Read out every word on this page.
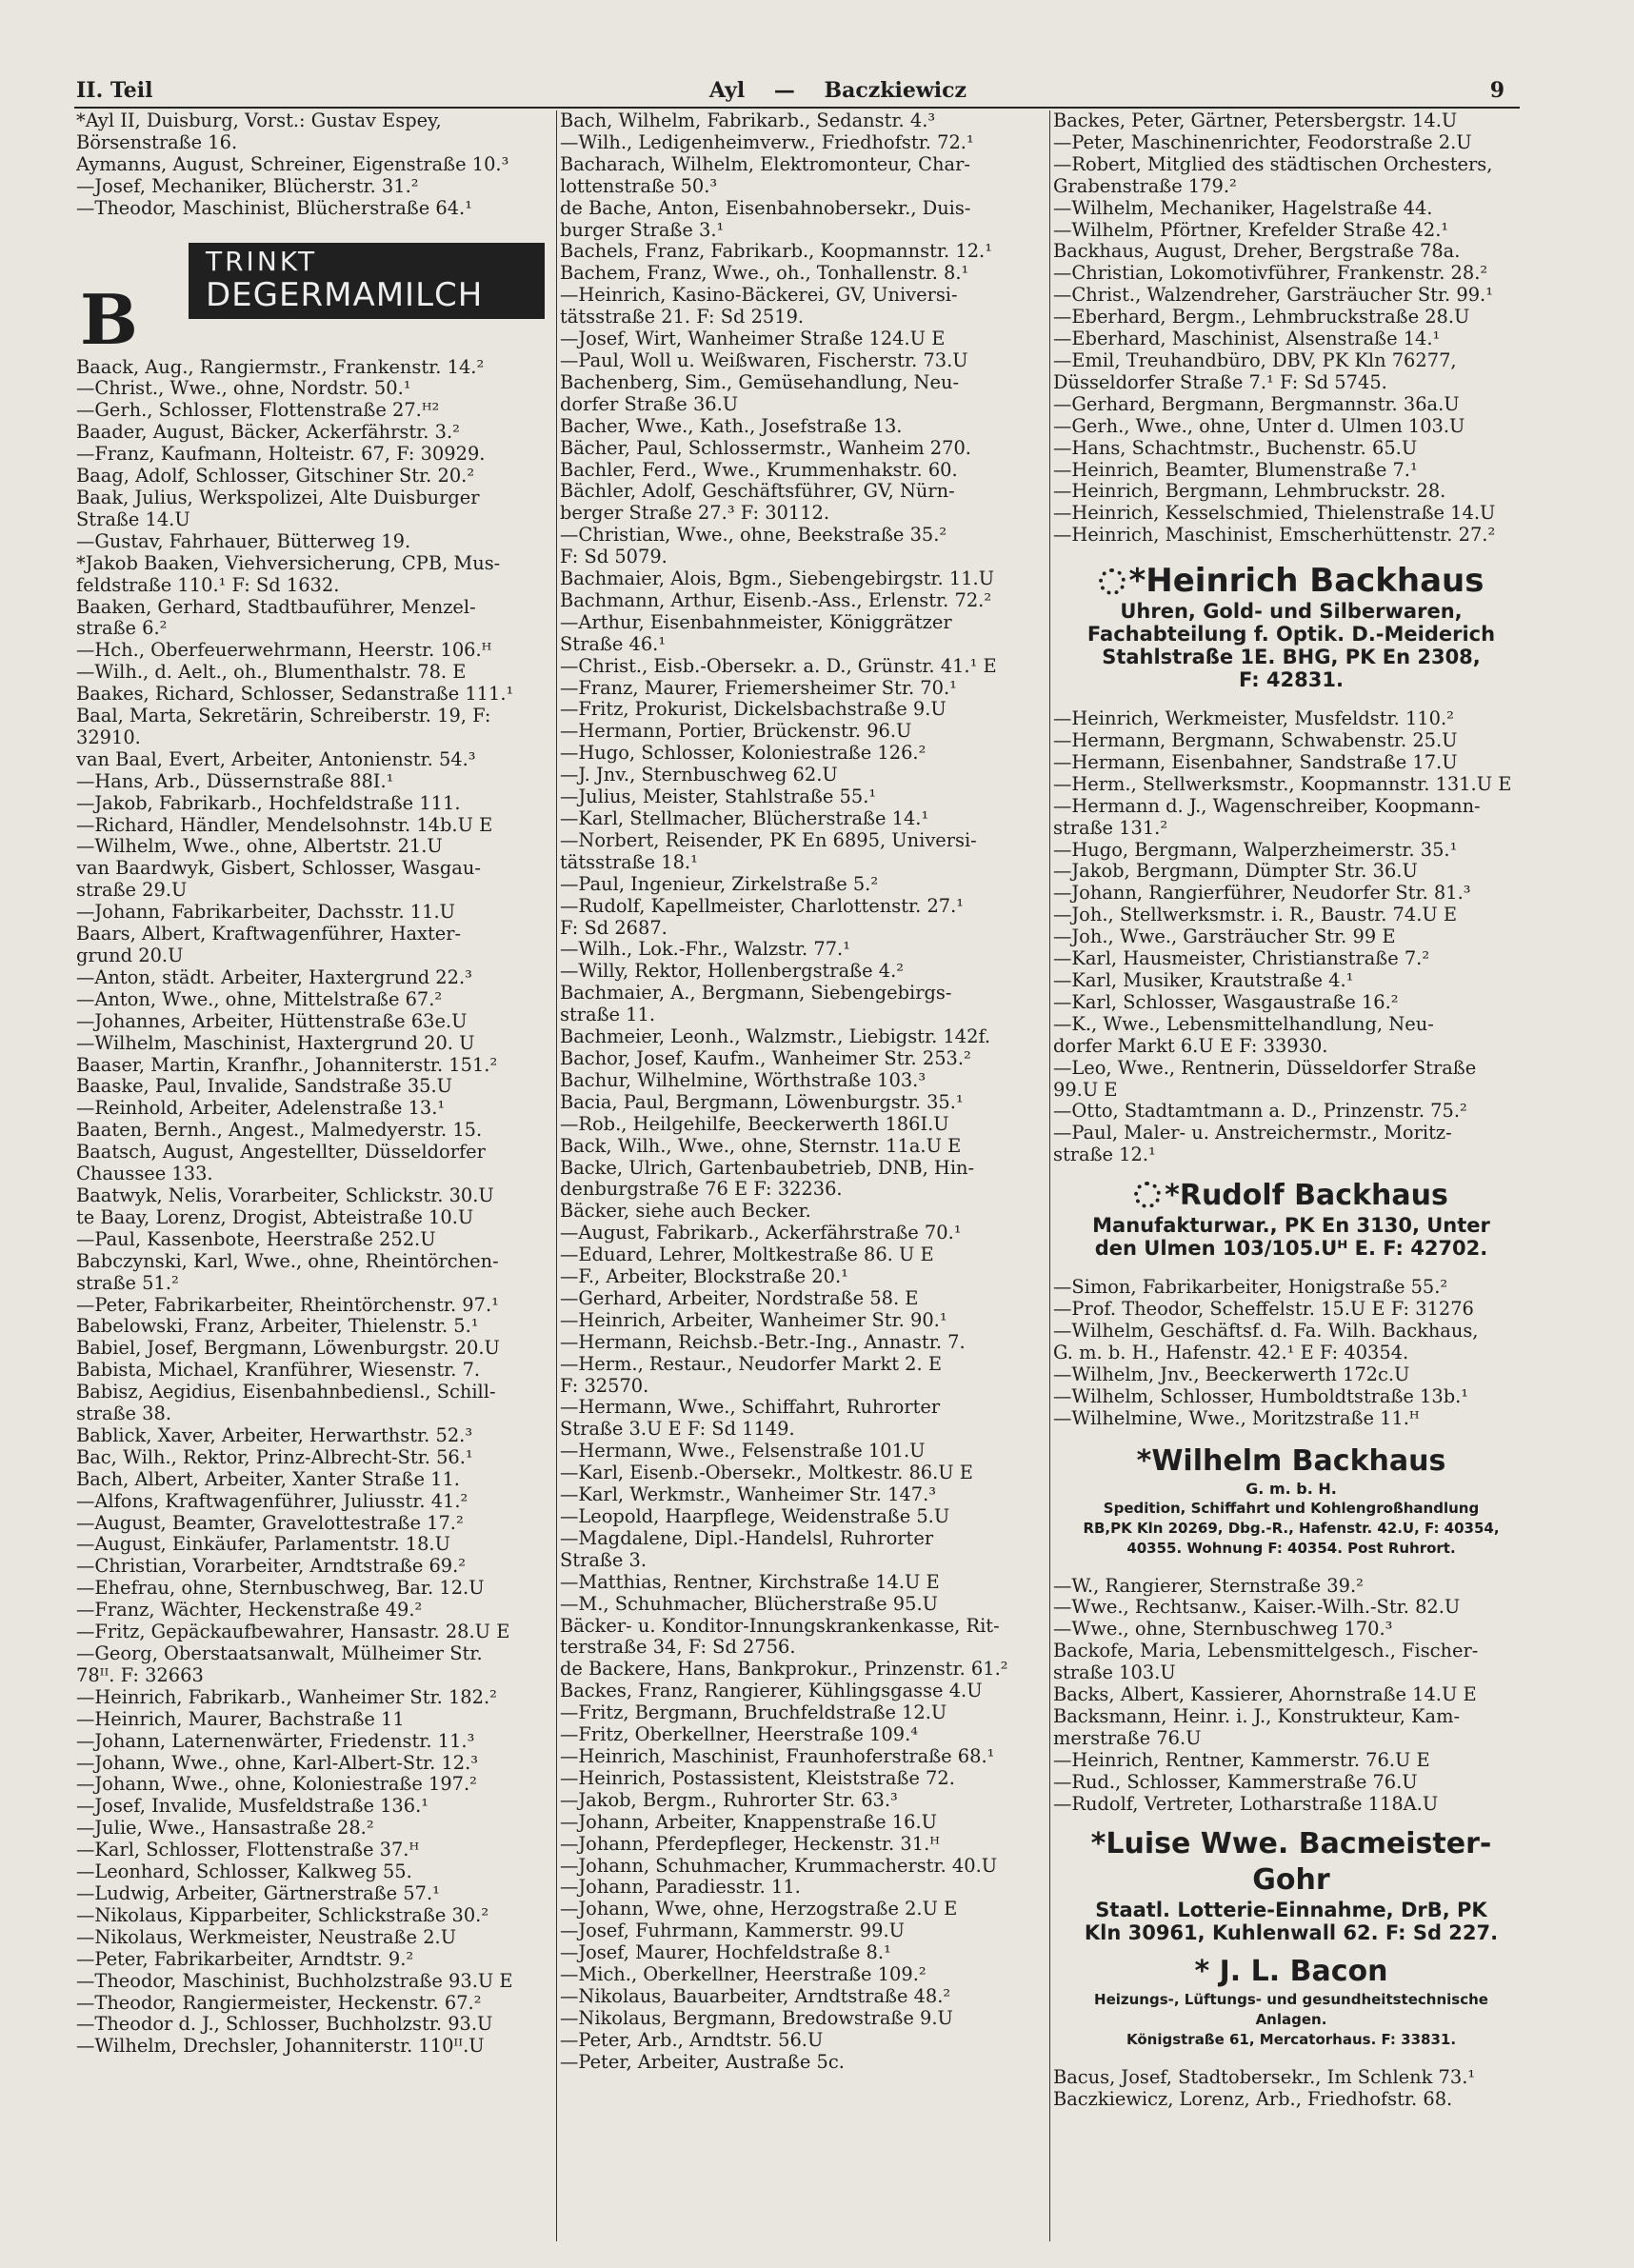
II. Teil	Ayl — Baczkiewicz	9
*Ayl II, Duisburg, Vorst.: Gustav Espey,
Börsenstraße 16.
Aymanns, August, Schreiner, Eigenstraße 10.³
—Josef, Mechaniker, Blücherstr. 31.²
—Theodor, Maschinist, Blücherstraße 64.¹
TRINKT
DEGERMAMILCH
B
Baack, Aug., Rangiermstr., Frankenstr. 14.²
—Christ., Wwe., ohne, Nordstr. 50.¹
—Gerh., Schlosser, Flottenstraße 27.ᴴ²
Baader, August, Bäcker, Ackerfährstr. 3.²
—Franz, Kaufmann, Holteistr. 67, F: 30929.
Baag, Adolf, Schlosser, Gitschiner Str. 20.²
Baak, Julius, Werkspolizei, Alte Duisburger
Straße 14.U
—Gustav, Fahrhauer, Bütterweg 19.
*Jakob Baaken, Viehversicherung, CPB, Mus-
feldstraße 110.¹ F: Sd 1632.
Baaken, Gerhard, Stadtbauführer, Menzel-
straße 6.²
—Hch., Oberfeuerwehrmann, Heerstr. 106.ᴴ
—Wilh., d. Aelt., oh., Blumenthalstr. 78. E
Baakes, Richard, Schlosser, Sedanstraße 111.¹
Baal, Marta, Sekretärin, Schreiberstr. 19, F:
32910.
van Baal, Evert, Arbeiter, Antonienstr. 54.³
—Hans, Arb., Düssernstraße 88I.¹
—Jakob, Fabrikarb., Hochfeldstraße 111.
—Richard, Händler, Mendelsohnstr. 14b.U E
—Wilhelm, Wwe., ohne, Albertstr. 21.U
van Baardwyk, Gisbert, Schlosser, Wasgau-
straße 29.U
—Johann, Fabrikarbeiter, Dachsstr. 11.U
Baars, Albert, Kraftwagenführer, Haxter-
grund 20.U
—Anton, städt. Arbeiter, Haxtergrund 22.³
—Anton, Wwe., ohne, Mittelstraße 67.²
—Johannes, Arbeiter, Hüttenstraße 63e.U
—Wilhelm, Maschinist, Haxtergrund 20. U
Baaser, Martin, Kranfhr., Johanniterstr. 151.²
Baaske, Paul, Invalide, Sandstraße 35.U
—Reinhold, Arbeiter, Adelenstraße 13.¹
Baaten, Bernh., Angest., Malmedyerstr. 15.
Baatsch, August, Angestellter, Düsseldorfer
Chaussee 133.
Baatwyk, Nelis, Vorarbeiter, Schlickstr. 30.U
te Baay, Lorenz, Drogist, Abteistraße 10.U
—Paul, Kassenbote, Heerstraße 252.U
Babczynski, Karl, Wwe., ohne, Rheintörchen-
straße 51.²
—Peter, Fabrikarbeiter, Rheintörchenstr. 97.¹
Babelowski, Franz, Arbeiter, Thielenstr. 5.¹
Babiel, Josef, Bergmann, Löwenburgstr. 20.U
Babista, Michael, Kranführer, Wiesenstr. 7.
Babisz, Aegidius, Eisenbahnbediensl., Schill-
straße 38.
Bablick, Xaver, Arbeiter, Herwarthstr. 52.³
Bac, Wilh., Rektor, Prinz-Albrecht-Str. 56.¹
Bach, Albert, Arbeiter, Xanter Straße 11.
—Alfons, Kraftwagenführer, Juliusstr. 41.²
—August, Beamter, Gravelottestraße 17.²
—August, Einkäufer, Parlamentstr. 18.U
—Christian, Vorarbeiter, Arndtstraße 69.²
—Ehefrau, ohne, Sternbuschweg, Bar. 12.U
—Franz, Wächter, Heckenstraße 49.²
—Fritz, Gepäckaufbewahrer, Hansastr. 28.U E
—Georg, Oberstaatsanwalt, Mülheimer Str.
78ᴵᴵ. F: 32663
—Heinrich, Fabrikarb., Wanheimer Str. 182.²
—Heinrich, Maurer, Bachstraße 11
—Johann, Laternenwärter, Friedenstr. 11.³
—Johann, Wwe., ohne, Karl-Albert-Str. 12.³
—Johann, Wwe., ohne, Koloniestraße 197.²
—Josef, Invalide, Musfeldstraße 136.¹
—Julie, Wwe., Hansastraße 28.²
—Karl, Schlosser, Flottenstraße 37.ᴴ
—Leonhard, Schlosser, Kalkweg 55.
—Ludwig, Arbeiter, Gärtnerstraße 57.¹
—Nikolaus, Kipparbeiter, Schlickstraße 30.²
—Nikolaus, Werkmeister, Neustraße 2.U
—Peter, Fabrikarbeiter, Arndtstr. 9.²
—Theodor, Maschinist, Buchholzstraße 93.U E
—Theodor, Rangiermeister, Heckenstr. 67.²
—Theodor d. J., Schlosser, Buchholzstr. 93.U
—Wilhelm, Drechsler, Johanniterstr. 110ᴵᴵ.U
Bach, Wilhelm, Fabrikarb., Sedanstr. 4.³
—Wilh., Ledigenheimverw., Friedhofstr. 72.¹
Bacharach, Wilhelm, Elektromonteur, Char-
lottenstraße 50.³
de Bache, Anton, Eisenbahnobersekr., Duis-
burger Straße 3.¹
Bachels, Franz, Fabrikarb., Koopmannstr. 12.¹
Bachem, Franz, Wwe., oh., Tonhallenstr. 8.¹
—Heinrich, Kasino-Bäckerei, GV, Universi-
tätsstraße 21. F: Sd 2519.
—Josef, Wirt, Wanheimer Straße 124.U E
—Paul, Woll u. Weißwaren, Fischerstr. 73.U
Bachenberg, Sim., Gemüsehandlung, Neu-
dorfer Straße 36.U
Bacher, Wwe., Kath., Josefstraße 13.
Bächer, Paul, Schlossermstr., Wanheim 270.
Bachler, Ferd., Wwe., Krummenhakstr. 60.
Bächler, Adolf, Geschäftsführer, GV, Nürn-
berger Straße 27.³ F: 30112.
—Christian, Wwe., ohne, Beekstraße 35.²
F: Sd 5079.
Bachmaier, Alois, Bgm., Siebengebirgstr. 11.U
Bachmann, Arthur, Eisenb.-Ass., Erlenstr. 72.²
—Arthur, Eisenbahnmeister, Königgrätzer
Straße 46.¹
—Christ., Eisb.-Obersekr. a. D., Grünstr. 41.¹ E
—Franz, Maurer, Friemersheimer Str. 70.¹
—Fritz, Prokurist, Dickelsbachstraße 9.U
—Hermann, Portier, Brückenstr. 96.U
—Hugo, Schlosser, Koloniestraße 126.²
—J. Jnv., Sternbuschweg 62.U
—Julius, Meister, Stahlstraße 55.¹
—Karl, Stellmacher, Blücherstraße 14.¹
—Norbert, Reisender, PK En 6895, Universi-
tätsstraße 18.¹
—Paul, Ingenieur, Zirkelstraße 5.²
—Rudolf, Kapellmeister, Charlottenstr. 27.¹
F: Sd 2687.
—Wilh., Lok.-Fhr., Walzstr. 77.¹
—Willy, Rektor, Hollenbergstraße 4.²
Bachmaier, A., Bergmann, Siebengebirgs-
straße 11.
Bachmeier, Leonh., Walzmstr., Liebigstr. 142f.
Bachor, Josef, Kaufm., Wanheimer Str. 253.²
Bachur, Wilhelmine, Wörthstraße 103.³
Bacia, Paul, Bergmann, Löwenburgstr. 35.¹
—Rob., Heilgehilfe, Beeckerwerth 186I.U
Back, Wilh., Wwe., ohne, Sternstr. 11a.U E
Backe, Ulrich, Gartenbaubetrieb, DNB, Hin-
denburgstraße 76 E F: 32236.
Bäcker, siehe auch Becker.
—August, Fabrikarb., Ackerfährstraße 70.¹
—Eduard, Lehrer, Moltkestraße 86. U E
—F., Arbeiter, Blockstraße 20.¹
—Gerhard, Arbeiter, Nordstraße 58. E
—Heinrich, Arbeiter, Wanheimer Str. 90.¹
—Hermann, Reichsb.-Betr.-Ing., Annastr. 7.
—Herm., Restaur., Neudorfer Markt 2. E
F: 32570.
—Hermann, Wwe., Schiffahrt, Ruhrorter
Straße 3.U E F: Sd 1149.
—Hermann, Wwe., Felsenstraße 101.U
—Karl, Eisenb.-Obersekr., Moltkestr. 86.U E
—Karl, Werkmstr., Wanheimer Str. 147.³
—Leopold, Haarpflege, Weidenstraße 5.U
—Magdalene, Dipl.-Handelsl, Ruhrorter
Straße 3.
—Matthias, Rentner, Kirchstraße 14.U E
—M., Schuhmacher, Blücherstraße 95.U
Bäcker- u. Konditor-Innungskrankenkasse, Rit-
terstraße 34, F: Sd 2756.
de Backere, Hans, Bankprokur., Prinzenstr. 61.²
Backes, Franz, Rangierer, Kühlingsgasse 4.U
—Fritz, Bergmann, Bruchfeldstraße 12.U
—Fritz, Oberkellner, Heerstraße 109.⁴
—Heinrich, Maschinist, Fraunhoferstraße 68.¹
—Heinrich, Postassistent, Kleiststraße 72.
—Jakob, Bergm., Ruhrorter Str. 63.³
—Johann, Arbeiter, Knappenstraße 16.U
—Johann, Pferdepfleger, Heckenstr. 31.ᴴ
—Johann, Schuhmacher, Krummacherstr. 40.U
—Johann, Paradiesstr. 11.
—Johann, Wwe, ohne, Herzogstraße 2.U E
—Josef, Fuhrmann, Kammerstr. 99.U
—Josef, Maurer, Hochfeldstraße 8.¹
—Mich., Oberkellner, Heerstraße 109.²
—Nikolaus, Bauarbeiter, Arndtstraße 48.²
—Nikolaus, Bergmann, Bredowstraße 9.U
—Peter, Arb., Arndtstr. 56.U
—Peter, Arbeiter, Austraße 5c.
Backes, Peter, Gärtner, Petersbergstr. 14.U
—Peter, Maschinenrichter, Feodorstraße 2.U
—Robert, Mitglied des städtischen Orchesters,
Grabenstraße 179.²
—Wilhelm, Mechaniker, Hagelstraße 44.
—Wilhelm, Pförtner, Krefelder Straße 42.¹
Backhaus, August, Dreher, Bergstraße 78a.
—Christian, Lokomotivführer, Frankenstr. 28.²
—Christ., Walzendreher, Garsträucher Str. 99.¹
—Eberhard, Bergm., Lehmbruckstraße 28.U
—Eberhard, Maschinist, Alsenstraße 14.¹
—Emil, Treuhandbüro, DBV, PK Kln 76277,
Düsseldorfer Straße 7.¹ F: Sd 5745.
—Gerhard, Bergmann, Bergmannstr. 36a.U
—Gerh., Wwe., ohne, Unter d. Ulmen 103.U
—Hans, Schachtmstr., Buchenstr. 65.U
—Heinrich, Beamter, Blumenstraße 7.¹
—Heinrich, Bergmann, Lehmbruckstr. 28.
—Heinrich, Kesselschmied, Thielenstraße 14.U
—Heinrich, Maschinist, Emscherhüttenstr. 27.²
*Heinrich Backhaus
Uhren, Gold- und Silberwaren,
Fachabteilung f. Optik. D.-Meiderich
Stahlstraße 1E. BHG, PK En 2308,
F: 42831.
—Heinrich, Werkmeister, Musfeldstr. 110.²
—Hermann, Bergmann, Schwabenstr. 25.U
—Hermann, Eisenbahner, Sandstraße 17.U
—Herm., Stellwerksmstr., Koopmannstr. 131.U E
—Hermann d. J., Wagenschreiber, Koopmann-
straße 131.²
—Hugo, Bergmann, Walperzheimerstr. 35.¹
—Jakob, Bergmann, Dümpter Str. 36.U
—Johann, Rangierführer, Neudorfer Str. 81.³
—Joh., Stellwerksmstr. i. R., Baustr. 74.U E
—Joh., Wwe., Garsträucher Str. 99 E
—Karl, Hausmeister, Christianstraße 7.²
—Karl, Musiker, Krautstraße 4.¹
—Karl, Schlosser, Wasgaustraße 16.²
—K., Wwe., Lebensmittelhandlung, Neu-
dorfer Markt 6.U E F: 33930.
—Leo, Wwe., Rentnerin, Düsseldorfer Straße
99.U E
—Otto, Stadtamtmann a. D., Prinzenstr. 75.²
—Paul, Maler- u. Anstreichermstr., Moritz-
straße 12.¹
*Rudolf Backhaus
Manufakturwar., PK En 3130, Unter
den Ulmen 103/105.Uᴴ E. F: 42702.
—Simon, Fabrikarbeiter, Honigstraße 55.²
—Prof. Theodor, Scheffelstr. 15.U E F: 31276
—Wilhelm, Geschäftsf. d. Fa. Wilh. Backhaus,
G. m. b. H., Hafenstr. 42.¹ E F: 40354.
—Wilhelm, Jnv., Beeckerwerth 172c.U
—Wilhelm, Schlosser, Humboldtstraße 13b.¹
—Wilhelmine, Wwe., Moritzstraße 11.ᴴ
*Wilhelm Backhaus
G. m. b. H.
Spedition, Schiffahrt und Kohlengroßhandlung
RB,PK Kln 20269, Dbg.-R., Hafenstr. 42.U, F: 40354,
40355. Wohnung F: 40354. Post Ruhrort.
—W., Rangierer, Sternstraße 39.²
—Wwe., Rechtsanw., Kaiser.-Wilh.-Str. 82.U
—Wwe., ohne, Sternbuschweg 170.³
Backofe, Maria, Lebensmittelgesch., Fischer-
straße 103.U
Backs, Albert, Kassierer, Ahornstraße 14.U E
Backsmann, Heinr. i. J., Konstrukteur, Kam-
merstraße 76.U
—Heinrich, Rentner, Kammerstr. 76.U E
—Rud., Schlosser, Kammerstraße 76.U
—Rudolf, Vertreter, Lotharstraße 118A.U
*Luise Wwe. Bacmeister-Gohr
Staatl. Lotterie-Einnahme, DrB, PK
Kln 30961, Kuhlenwall 62. F: Sd 227.
* J. L. Bacon
Heizungs-, Lüftungs- und gesundheitstechnische
Anlagen.
Königstraße 61, Mercatorhaus. F: 33831.
Bacus, Josef, Stadtobersekr., Im Schlenk 73.¹
Baczkiewicz, Lorenz, Arb., Friedhofstr. 68.
